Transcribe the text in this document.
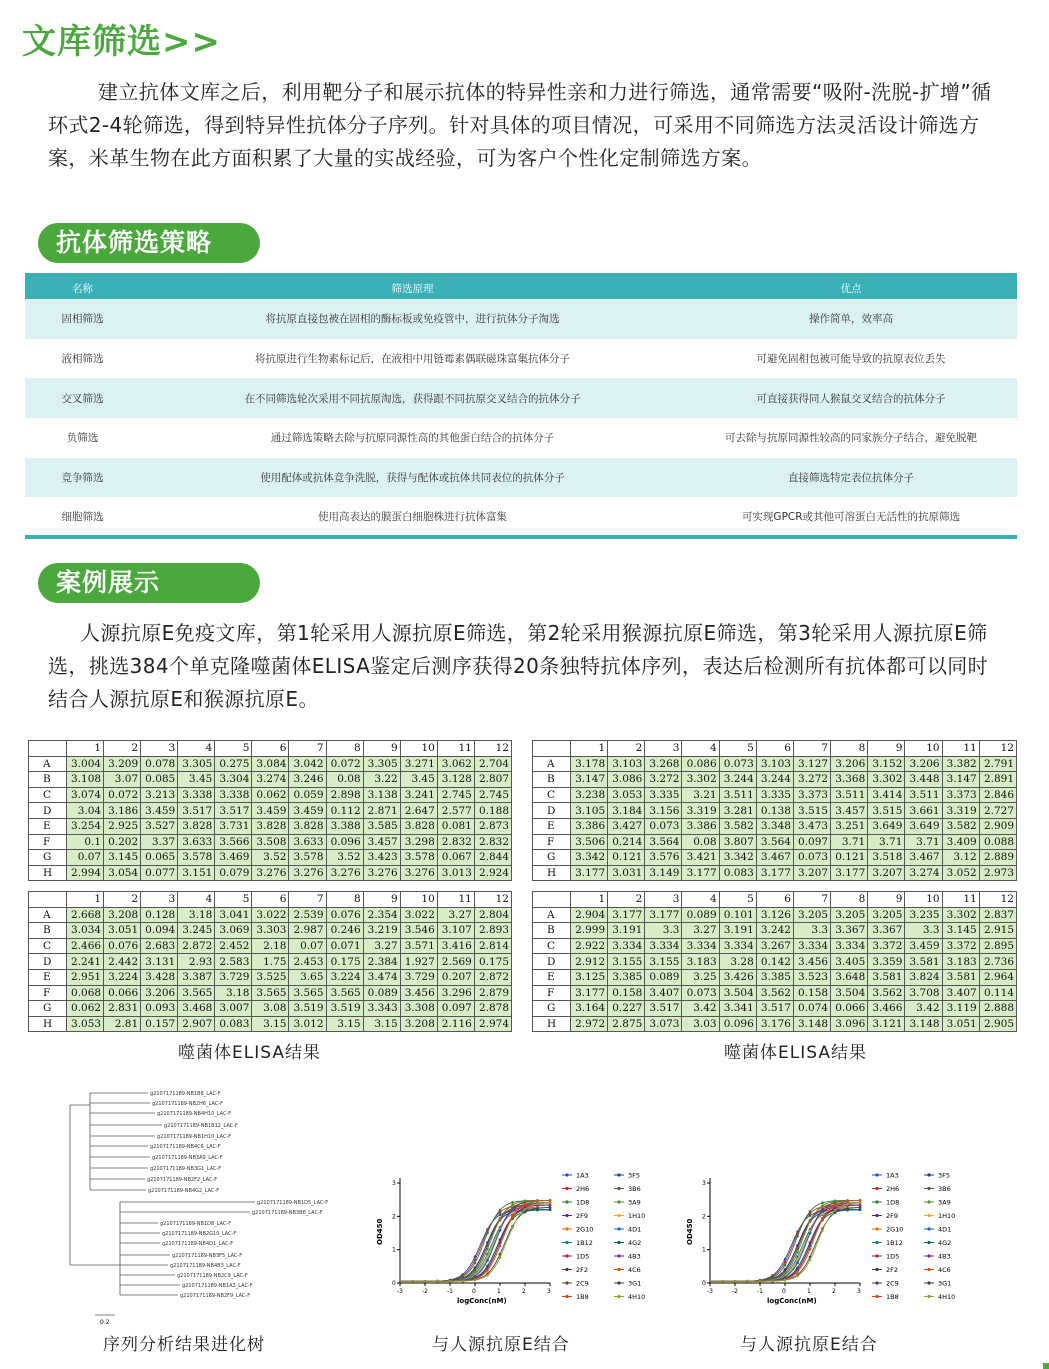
文库筛选>>

建立抗体文库之后，利用靶分子和展示抗体的特异性亲和力进行筛选，通常需要“吸附-洗脱-扩增”循环式2-4轮筛选，得到特异性抗体分子序列。针对具体的项目情况，可采用不同筛选方法灵活设计筛选方案，米革生物在此方面积累了大量的实战经验，可为客户个性化定制筛选方案。

抗体筛选策略
名称	筛选原理	优点
固相筛选	将抗原直接包被在固相的酶标板或免疫管中，进行抗体分子淘选	操作简单，效率高
液相筛选	将抗原进行生物素标记后，在液相中用链霉素偶联磁珠富集抗体分子	可避免固相包被可能导致的抗原表位丢失
交叉筛选	在不同筛选轮次采用不同抗原淘选，获得跟不同抗原交叉结合的抗体分子	可直接获得同人猴鼠交叉结合的抗体分子
负筛选	通过筛选策略去除与抗原同源性高的其他蛋白结合的抗体分子	可去除与抗原同源性较高的同家族分子结合，避免脱靶
竞争筛选	使用配体或抗体竞争洗脱，获得与配体或抗体共同表位的抗体分子	直接筛选特定表位抗体分子
细胞筛选	使用高表达的膜蛋白细胞株进行抗体富集	可实现GPCR或其他可溶蛋白无活性的抗原筛选
案例展示

人源抗原E免疫文库，第1轮采用人源抗原E筛选，第2轮采用猴源抗原E筛选，第3轮采用人源抗原E筛选，挑选384个单克隆噬菌体ELISA鉴定后测序获得20条独特抗体序列，表达后检测所有抗体都可以同时结合人源抗原E和猴源抗原E。

	1	2	3	4	5	6	7	8	9	10	11	12
A	3.004	3.209	0.078	3.305	0.275	3.084	3.042	0.072	3.305	3.271	3.062	2.704
B	3.108	3.07	0.085	3.45	3.304	3.274	3.246	0.08	3.22	3.45	3.128	2.807
C	3.074	0.072	3.213	3.338	3.338	0.062	0.059	2.898	3.138	3.241	2.745	2.745
D	3.04	3.186	3.459	3.517	3.517	3.459	3.459	0.112	2.871	2.647	2.577	0.188
E	3.254	2.925	3.527	3.828	3.731	3.828	3.828	3.388	3.585	3.828	0.081	2.873
F	0.1	0.202	3.37	3.633	3.566	3.508	3.633	0.096	3.457	3.298	2.832	2.832
G	0.07	3.145	0.065	3.578	3.469	3.52	3.578	3.52	3.423	3.578	0.067	2.844
H	2.994	3.054	0.077	3.151	0.079	3.276	3.276	3.276	3.276	3.276	3.013	2.924
	1	2	3	4	5	6	7	8	9	10	11	12
A	2.668	3.208	0.128	3.18	3.041	3.022	2.539	0.076	2.354	3.022	3.27	2.804
B	3.034	3.051	0.094	3.245	3.069	3.303	2.987	0.246	3.219	3.546	3.107	2.893
C	2.466	0.076	2.683	2.872	2.452	2.18	0.07	0.071	3.27	3.571	3.416	2.814
D	2.241	2.442	3.131	2.93	2.583	1.75	2.453	0.175	2.384	1.927	2.569	0.175
E	2.951	3.224	3.428	3.387	3.729	3.525	3.65	3.224	3.474	3.729	0.207	2.872
F	0.068	0.066	3.206	3.565	3.18	3.565	3.565	3.565	0.089	3.456	3.296	2.879
G	0.062	2.831	0.093	3.468	3.007	3.08	3.519	3.519	3.343	3.308	0.097	2.878
H	3.053	2.81	0.157	2.907	0.083	3.15	3.012	3.15	3.15	3.208	2.116	2.974
	1	2	3	4	5	6	7	8	9	10	11	12
A	3.178	3.103	3.268	0.086	0.073	3.103	3.127	3.206	3.152	3.206	3.382	2.791
B	3.147	3.086	3.272	3.302	3.244	3.244	3.272	3.368	3.302	3.448	3.147	2.891
C	3.238	3.053	3.335	3.21	3.511	3.335	3.373	3.511	3.414	3.511	3.373	2.846
D	3.105	3.184	3.156	3.319	3.281	0.138	3.515	3.457	3.515	3.661	3.319	2.727
E	3.386	3.427	0.073	3.386	3.582	3.348	3.473	3.251	3.649	3.649	3.582	2.909
F	3.506	0.214	3.564	0.08	3.807	3.564	0.097	3.71	3.71	3.71	3.409	0.088
G	3.342	0.121	3.576	3.421	3.342	3.467	0.073	0.121	3.518	3.467	3.12	2.889
H	3.177	3.031	3.149	3.177	0.083	3.177	3.207	3.177	3.207	3.274	3.052	2.973
	1	2	3	4	5	6	7	8	9	10	11	12
A	2.904	3.177	3.177	0.089	0.101	3.126	3.205	3.205	3.205	3.235	3.302	2.837
B	2.999	3.191	3.3	3.27	3.191	3.242	3.3	3.367	3.367	3.3	3.145	2.915
C	2.922	3.334	3.334	3.334	3.334	3.267	3.334	3.334	3.372	3.459	3.372	2.895
D	2.912	3.155	3.155	3.183	3.28	0.142	3.456	3.405	3.359	3.581	3.183	2.736
E	3.125	3.385	0.089	3.25	3.426	3.385	3.523	3.648	3.581	3.824	3.581	2.964
F	3.177	0.158	3.407	0.073	3.504	3.562	0.158	3.504	3.562	3.708	3.407	0.114
G	3.164	0.227	3.517	3.42	3.341	3.517	0.074	0.066	3.466	3.42	3.119	2.888
H	2.972	2.875	3.073	3.03	0.096	3.176	3.148	3.096	3.121	3.148	3.051	2.905
噬菌体ELISA结果	噬菌体ELISA结果
g2107171189-NB1B8_LAC-F
g2107171189-NB2H6_LAC-F
g2107171189-NB4H10_LAC-F
g2107171189-NB1B12_LAC-F
g2107171189-NB1H10_LAC-F
g2107171189-NB4C6_LAC-F
g2107171189-NB3A9_LAC-F
g2107171189-NB3G1_LAC-F
g2107171189-NB2F2_LAC-F
g2107171189-NB4G2_LAC-F
g2107171189-NB1D5_LAC-F
g2107171189-NB3B6_LAC-F
g2107171189-NB1D8_LAC-F
g2107171189-NB2G10_LAC-F
g2107171189-NB4D1_LAC-F
g2107171189-NB3F5_LAC-F
g2107171189-NB4B3_LAC-F
g2107171189-NB2C9_LAC-F
g2107171189-NB1A3_LAC-F
g2107171189-NB2F9_LAC-F
0.2
0
1
2
3
-3	-2	-1	0	1	2	3
logConc(nM)
OD450
1A3
2H6
1D8
2F9
2G10
1B12
1D5
2F2
2C9
1B8
3F5
3B6
3A9
1H10
4D1
4G2
4B3
4C6
3G1
4H10
0
1
2
3
-3	-2	-1	0	1	2	3
logConc(nM)
OD450
1A3
2H6
1D8
2F9
2G10
1B12
1D5
2F2
2C9
1B8
3F5
3B6
3A9
1H10
4D1
4G2
4B3
4C6
3G1
4H10
序列分析结果进化树	与人源抗原E结合	与人源抗原E结合
